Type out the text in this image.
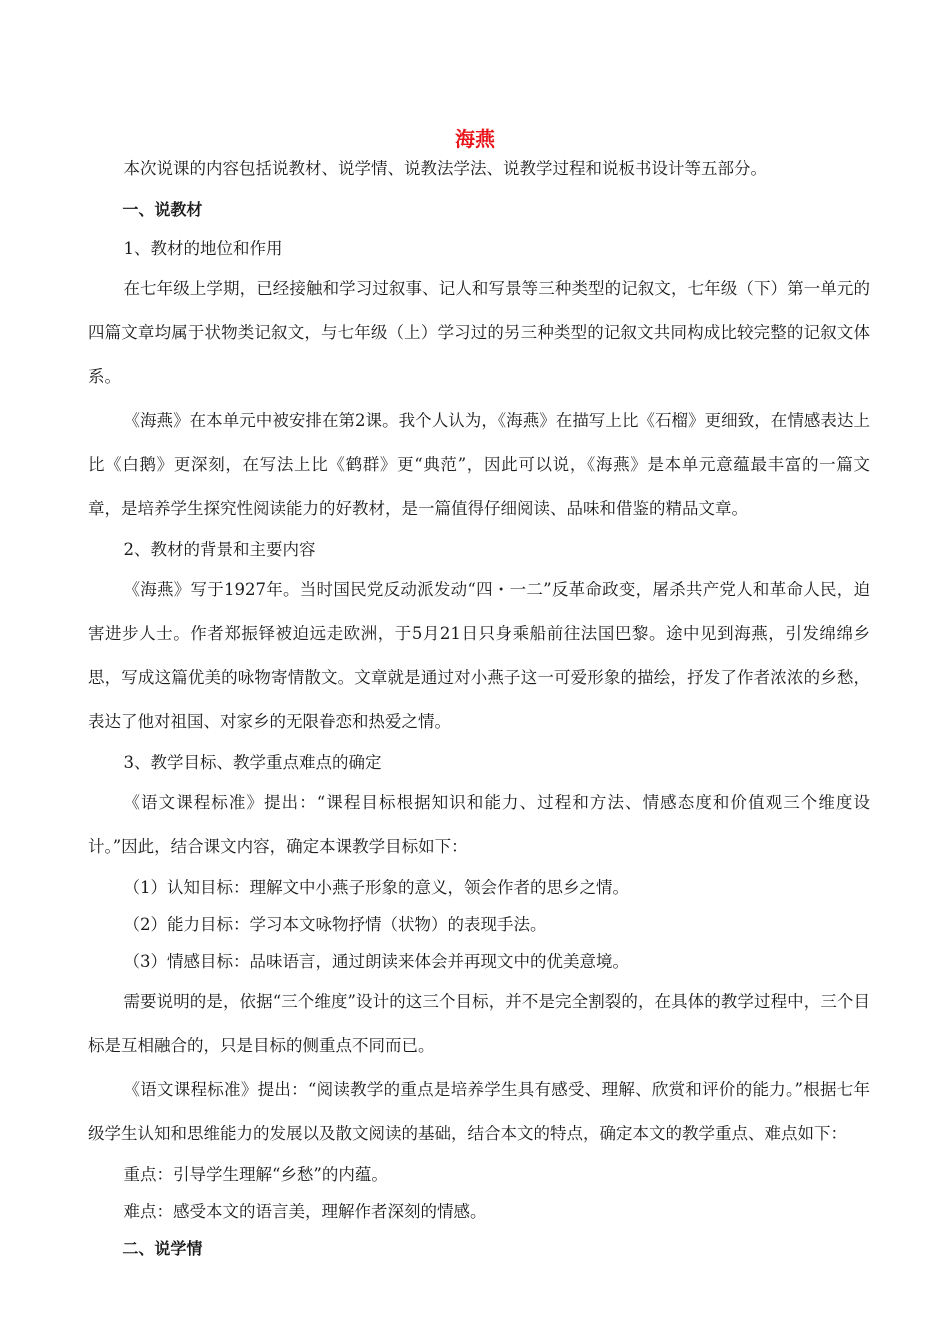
海燕

本次说课的内容包括说教材、说学情、说教法学法、说教学过程和说板书设计等五部分。

一、说教材

1、教材的地位和作用

在七年级上学期，已经接触和学习过叙事、记人和写景等三种类型的记叙文，七年级（下）第一单元的四篇文章均属于状物类记叙文，与七年级（上）学习过的另三种类型的记叙文共同构成比较完整的记叙文体系。

《海燕》在本单元中被安排在第2课。我个人认为，《海燕》在描写上比《石榴》更细致，在情感表达上比《白鹅》更深刻，在写法上比《鹤群》更“典范”，因此可以说，《海燕》是本单元意蕴最丰富的一篇文章，是培养学生探究性阅读能力的好教材，是一篇值得仔细阅读、品味和借鉴的精品文章。

2、教材的背景和主要内容

《海燕》写于1927年。当时国民党反动派发动“四・一二”反革命政变，屠杀共产党人和革命人民，迫害进步人士。作者郑振铎被迫远走欧洲，于5月21日只身乘船前往法国巴黎。途中见到海燕，引发绵绵乡思，写成这篇优美的咏物寄情散文。文章就是通过对小燕子这一可爱形象的描绘，抒发了作者浓浓的乡愁，表达了他对祖国、对家乡的无限眷恋和热爱之情。

3、教学目标、教学重点难点的确定

《语文课程标准》提出：“课程目标根据知识和能力、过程和方法、情感态度和价值观三个维度设计。”因此，结合课文内容，确定本课教学目标如下：

（1）认知目标：理解文中小燕子形象的意义，领会作者的思乡之情。

（2）能力目标：学习本文咏物抒情（状物）的表现手法。

（3）情感目标：品味语言，通过朗读来体会并再现文中的优美意境。

需要说明的是，依据“三个维度”设计的这三个目标，并不是完全割裂的，在具体的教学过程中，三个目标是互相融合的，只是目标的侧重点不同而已。

《语文课程标准》提出：“阅读教学的重点是培养学生具有感受、理解、欣赏和评价的能力。”根据七年级学生认知和思维能力的发展以及散文阅读的基础，结合本文的特点，确定本文的教学重点、难点如下：

重点：引导学生理解“乡愁”的内蕴。

难点：感受本文的语言美，理解作者深刻的情感。

二、说学情
